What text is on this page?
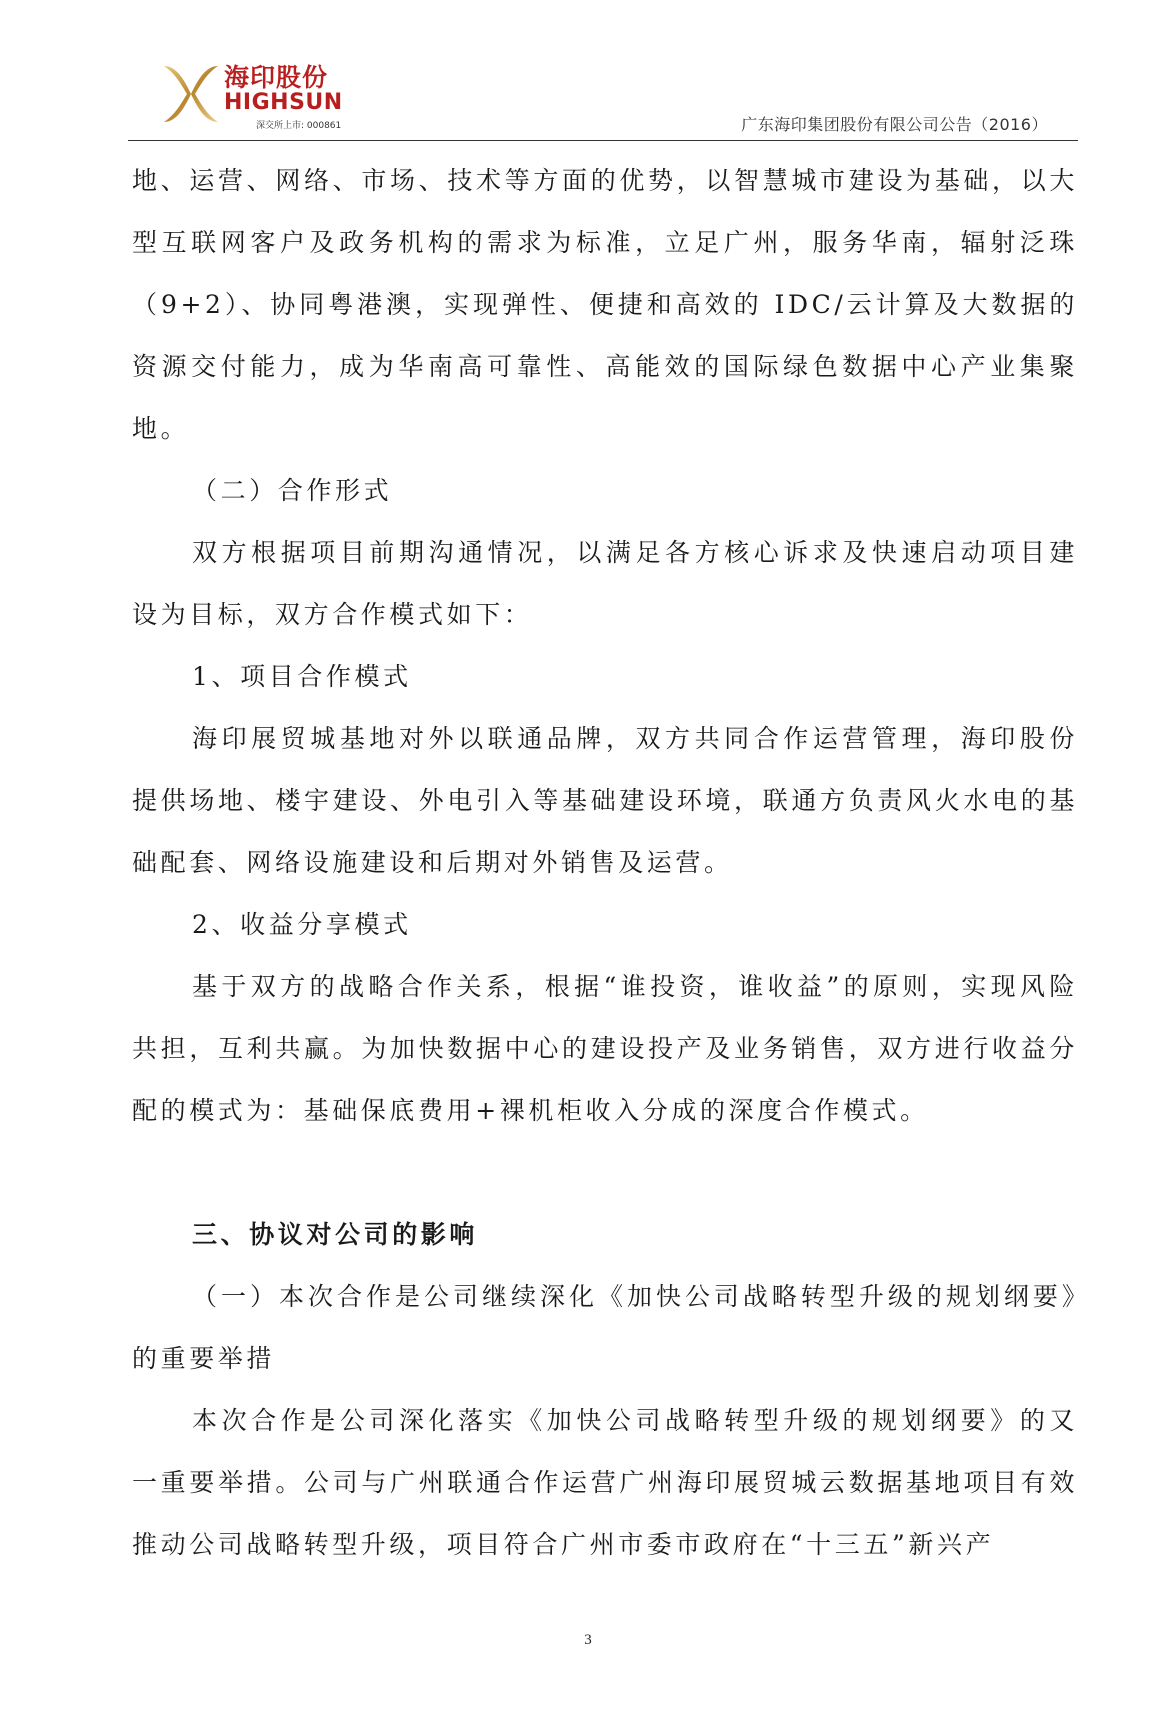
海印股份
HIGHSUN
深交所上市: 000861	广东海印集团股份有限公司公告（2016）

地、运营、网络、市场、技术等方面的优势，以智慧城市建设为基础，以大型互联网客户及政务机构的需求为标准，立足广州，服务华南，辐射泛珠（9+2）、协同粤港澳，实现弹性、便捷和高效的 IDC/云计算及大数据的资源交付能力，成为华南高可靠性、高能效的国际绿色数据中心产业集聚地。

（二）合作形式

双方根据项目前期沟通情况，以满足各方核心诉求及快速启动项目建设为目标，双方合作模式如下：

1、项目合作模式

海印展贸城基地对外以联通品牌，双方共同合作运营管理，海印股份提供场地、楼宇建设、外电引入等基础建设环境，联通方负责风火水电的基础配套、网络设施建设和后期对外销售及运营。

2、收益分享模式

基于双方的战略合作关系，根据“谁投资，谁收益”的原则，实现风险共担，互利共赢。为加快数据中心的建设投产及业务销售，双方进行收益分配的模式为：基础保底费用+裸机柜收入分成的深度合作模式。

三、协议对公司的影响

（一）本次合作是公司继续深化《加快公司战略转型升级的规划纲要》的重要举措

本次合作是公司深化落实《加快公司战略转型升级的规划纲要》的又一重要举措。公司与广州联通合作运营广州海印展贸城云数据基地项目有效推动公司战略转型升级，项目符合广州市委市政府在“十三五”新兴产

3
